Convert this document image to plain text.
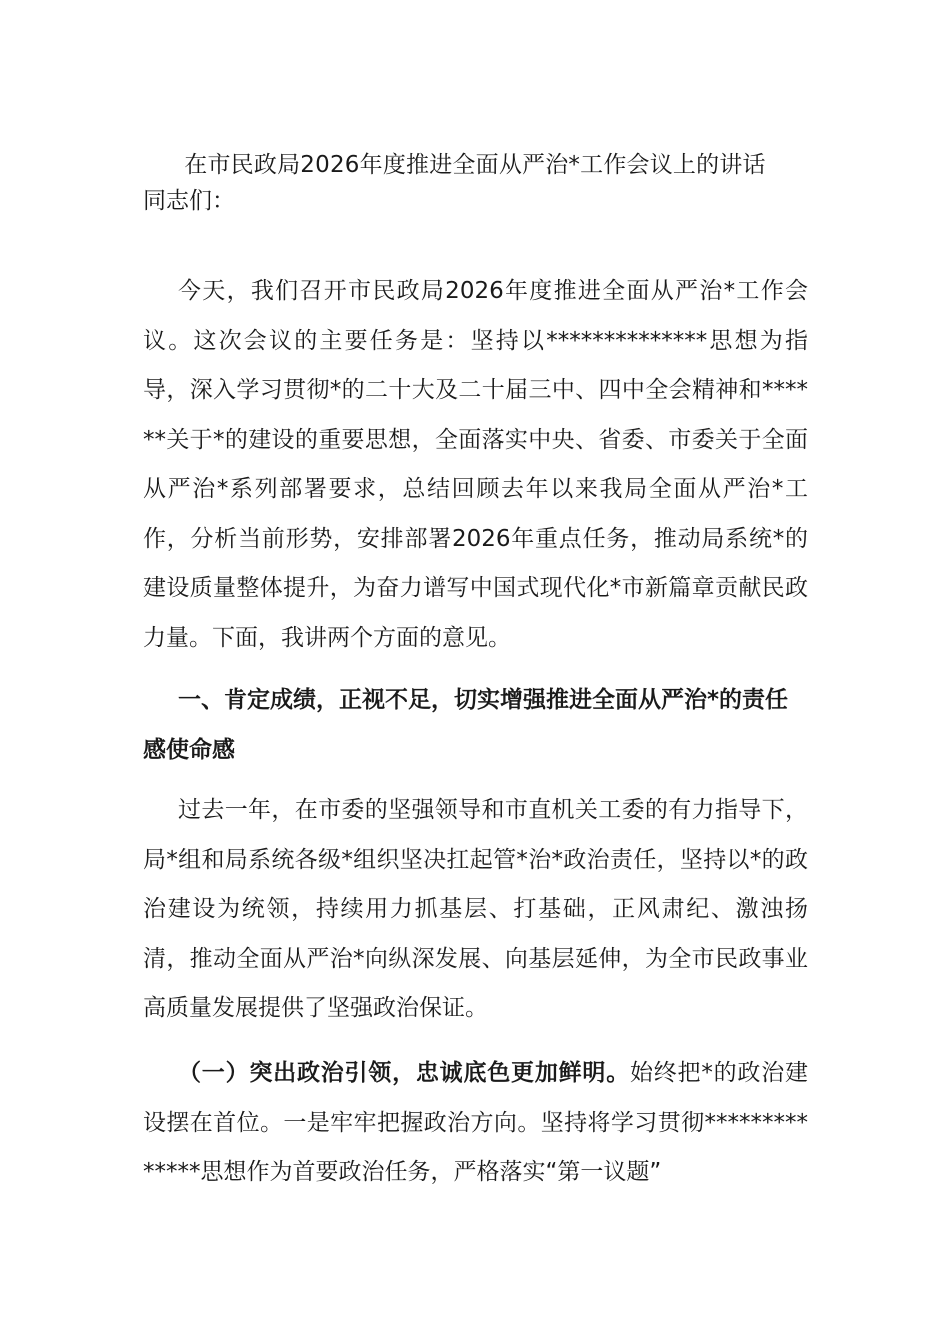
在市民政局2026年度推进全面从严治*工作会议上的讲话
同志们：
今天，我们召开市民政局2026年度推进全面从严治*工作会议。这次会议的主要任务是：坚持以**************思想为指导，深入学习贯彻*的二十大及二十届三中、四中全会精神和******关于*的建设的重要思想，全面落实中央、省委、市委关于全面从严治*系列部署要求，总结回顾去年以来我局全面从严治*工作，分析当前形势，安排部署2026年重点任务，推动局系统*的建设质量整体提升，为奋力谱写中国式现代化*市新篇章贡献民政力量。下面，我讲两个方面的意见。
一、肯定成绩，正视不足，切实增强推进全面从严治*的责任感使命感
过去一年，在市委的坚强领导和市直机关工委的有力指导下，局*组和局系统各级*组织坚决扛起管*治*政治责任，坚持以*的政治建设为统领，持续用力抓基层、打基础，正风肃纪、激浊扬清，推动全面从严治*向纵深发展、向基层延伸，为全市民政事业高质量发展提供了坚强政治保证。
（一）突出政治引领，忠诚底色更加鲜明。始终把*的政治建设摆在首位。一是牢牢把握政治方向。坚持将学习贯彻**************思想作为首要政治任务，严格落实“第一议题”
